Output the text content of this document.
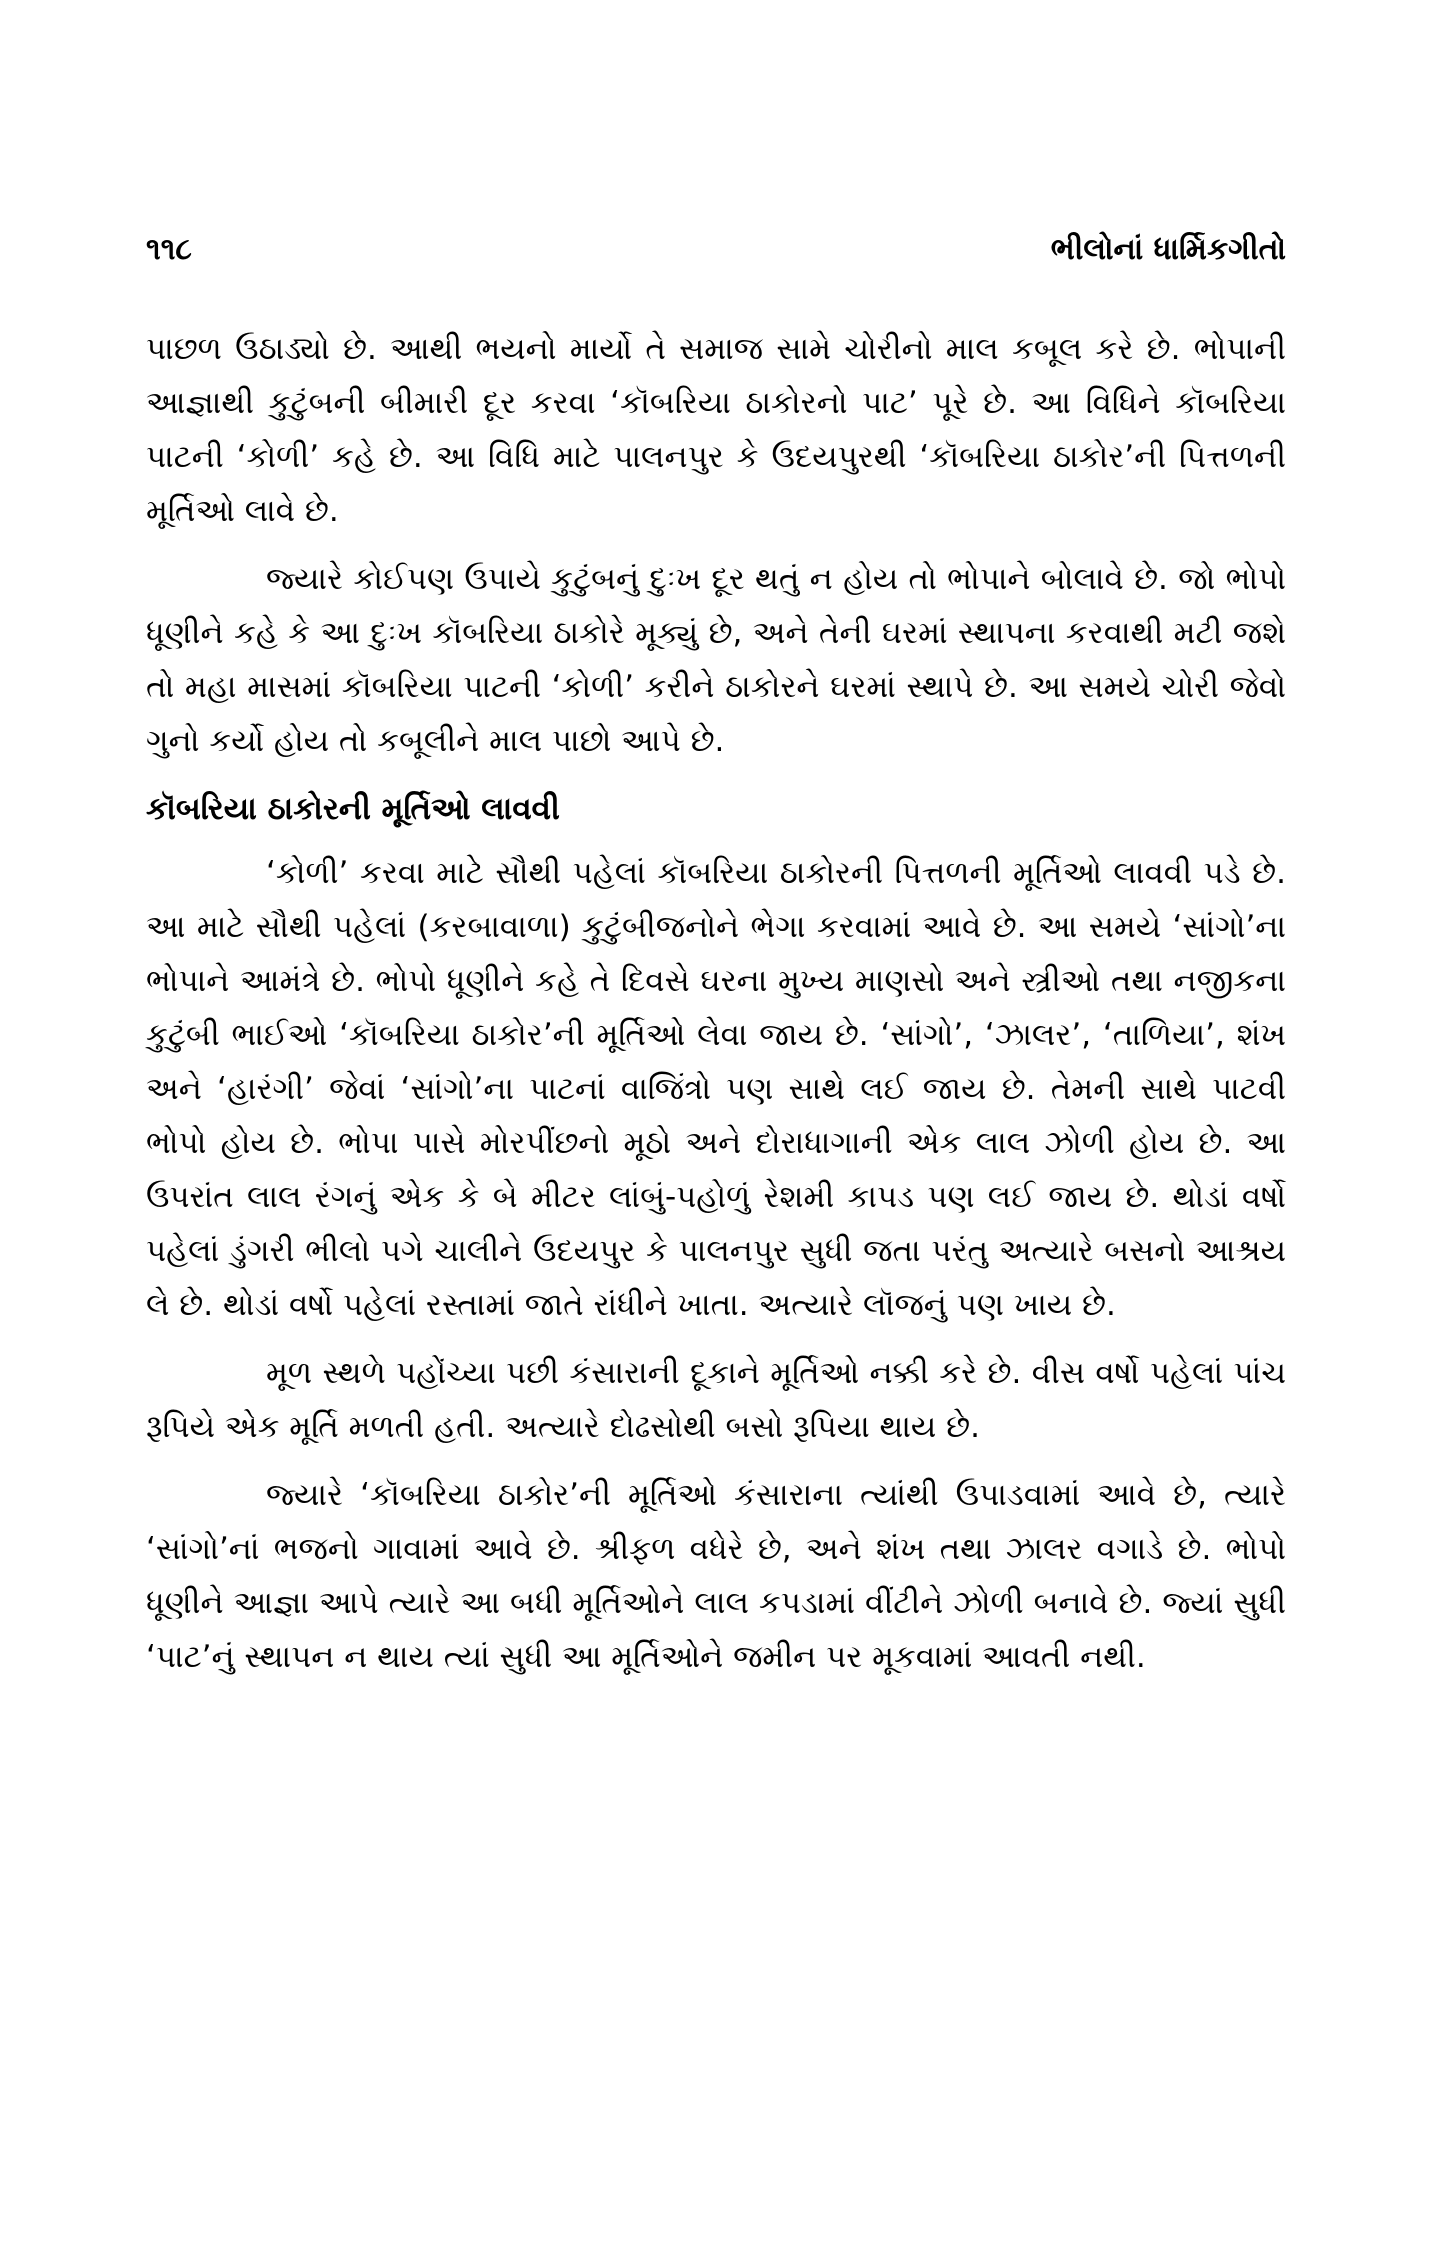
૧૧૮	ભીલોનાં ધાર્મિકગીતો

પાછળ ઉઠાડ્યો છે. આથી ભયનો માર્યો તે સમાજ સામે ચોરીનો માલ કબૂલ કરે છે. ભોપાની આજ્ઞાથી કુટુંબની બીમારી દૂર કરવા ‘કૉબરિયા ઠાકોરનો પાટ’ પૂરે છે. આ વિધિને કૉબરિયા પાટની ‘કોળી’ કહે છે. આ વિધિ માટે પાલનપુર કે ઉદયપુરથી ‘કૉબરિયા ઠાકોર’ની પિત્તળની મૂર્તિઓ લાવે છે.

જ્યારે કોઈપણ ઉપાયે કુટુંબનું દુઃખ દૂર થતું ન હોય તો ભોપાને બોલાવે છે. જો ભોપો ધૂણીને કહે કે આ દુઃખ કૉબરિયા ઠાકોરે મૂક્યું છે, અને તેની ઘરમાં સ્થાપના કરવાથી મટી જશે તો મહા માસમાં કૉબરિયા પાટની ‘કોળી’ કરીને ઠાકોરને ઘરમાં સ્થાપે છે. આ સમયે ચોરી જેવો ગુનો કર્યો હોય તો કબૂલીને માલ પાછો આપે છે.

કૉબરિયા ઠાકોરની મૂર્તિઓ લાવવી

‘કોળી’ કરવા માટે સૌથી પહેલાં કૉબરિયા ઠાકોરની પિત્તળની મૂર્તિઓ લાવવી પડે છે. આ માટે સૌથી પહેલાં (કરબાવાળા) કુટુંબીજનોને ભેગા કરવામાં આવે છે. આ સમયે ‘સાંગો’ના ભોપાને આમંત્રે છે. ભોપો ધૂણીને કહે તે દિવસે ઘરના મુખ્ય માણસો અને સ્ત્રીઓ તથા નજીકના કુટુંબી ભાઈઓ ‘કૉબરિયા ઠાકોર’ની મૂર્તિઓ લેવા જાય છે. ‘સાંગો’, ‘ઝાલર’, ‘તાળિયા’, શંખ અને ‘હારંગી’ જેવાં ‘સાંગો’ના પાટનાં વાજિંત્રો પણ સાથે લઈ જાય છે. તેમની સાથે પાટવી ભોપો હોય છે. ભોપા પાસે મોરપીંછનો મૂઠો અને દોરાધાગાની એક લાલ ઝોળી હોય છે. આ ઉપરાંત લાલ રંગનું એક કે બે મીટર લાંબું-પહોળું રેશમી કાપડ પણ લઈ જાય છે. થોડાં વર્ષો પહેલાં ડુંગરી ભીલો પગે ચાલીને ઉદયપુર કે પાલનપુર સુધી જતા પરંતુ અત્યારે બસનો આશ્રય લે છે. થોડાં વર્ષો પહેલાં રસ્તામાં જાતે રાંધીને ખાતા. અત્યારે લૉજનું પણ ખાય છે.

મૂળ સ્થળે પહોંચ્યા પછી કંસારાની દૂકાને મૂર્તિઓ નક્કી કરે છે. વીસ વર્ષો પહેલાં પાંચ રૂપિયે એક મૂર્તિ મળતી હતી. અત્યારે દોઢસોથી બસો રૂપિયા થાય છે.

જ્યારે ‘કૉબરિયા ઠાકોર’ની મૂર્તિઓ કંસારાના ત્યાંથી ઉપાડવામાં આવે છે, ત્યારે ‘સાંગો’નાં ભજનો ગાવામાં આવે છે. શ્રીફળ વધેરે છે, અને શંખ તથા ઝાલર વગાડે છે. ભોપો ધૂણીને આજ્ઞા આપે ત્યારે આ બધી મૂર્તિઓને લાલ કપડામાં વીંટીને ઝોળી બનાવે છે. જ્યાં સુધી ‘પાટ’નું સ્થાપન ન થાય ત્યાં સુધી આ મૂર્તિઓને જમીન પર મૂકવામાં આવતી નથી.
